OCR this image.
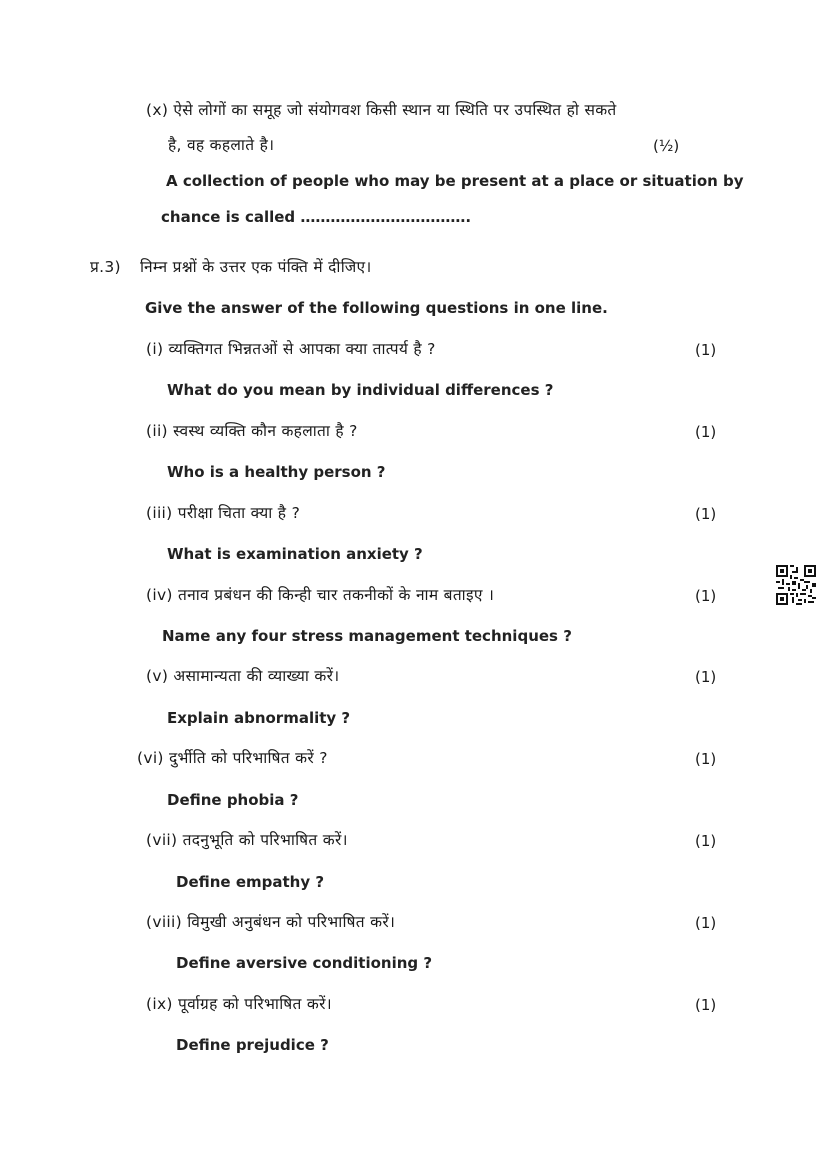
(x) ऐसे लोगों का समूह जो संयोगवश किसी स्थान या स्थिति पर उपस्थित हो सकते
है, वह कहलाते है।	(½)
A collection of people who may be present at a place or situation by
chance is called …………………………….
प्र.3) निम्न प्रश्नों के उत्तर एक पंक्ति में दीजिए।
Give the answer of the following questions in one line.
(i) व्यक्तिगत भिन्नतओं से आपका क्या तात्पर्य है ?	(1)
What do you mean by individual differences ?
(ii) स्वस्थ व्यक्ति कौन कहलाता है ?	(1)
Who is a healthy person ?
(iii) परीक्षा चिता क्या है ?	(1)
What is examination anxiety ?
(iv) तनाव प्रबंधन की किन्ही चार तकनीकों के नाम बताइए ।	(1)
Name any four stress management techniques ?
(v) असामान्यता की व्याख्या करें।	(1)
Explain abnormality ?
(vi) दुर्भीति को परिभाषित करें ?	(1)
Define phobia ?
(vii) तदनुभूति को परिभाषित करें।	(1)
Define empathy ?
(viii) विमुखी अनुबंधन को परिभाषित करें।	(1)
Define aversive conditioning ?
(ix) पूर्वाग्रह को परिभाषित करें।	(1)
Define prejudice ?
